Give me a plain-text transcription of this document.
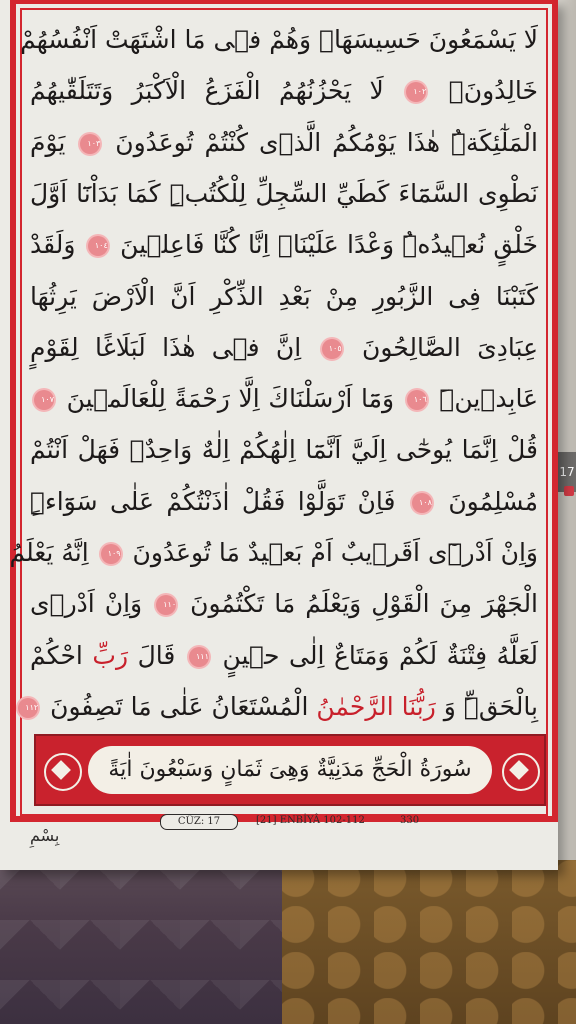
17
لَا يَسْمَعُونَ حَسِيسَهَاۚ وَهُمْ فٖى مَا اشْتَهَتْ اَنْفُسُهُمْ
خَالِدُونَۚ ١٠٢ لَا يَحْزُنُهُمُ الْفَزَعُ الْاَكْبَرُ وَتَتَلَقّٰيهُمُ
الْمَلٰٓئِكَةُۜ هٰذَا يَوْمُكُمُ الَّذٖى كُنْتُمْ تُوعَدُونَ ١٠٣ يَوْمَ
نَطْوِى السَّمَٓاءَ كَطَيِّ السِّجِلِّ لِلْكُتُبِۜ كَمَا بَدَاْنَٓا اَوَّلَ
خَلْقٍ نُعٖيدُهُۜ وَعْدًا عَلَيْنَاۜ اِنَّا كُنَّا فَاعِلٖينَ ١٠٤ وَلَقَدْ
كَتَبْنَا فِى الزَّبُورِ مِنْ بَعْدِ الذِّكْرِ اَنَّ الْاَرْضَ يَرِثُهَا
عِبَادِىَ الصَّالِحُونَ ١٠٥ اِنَّ فٖى هٰذَا لَبَلَاغًا لِقَوْمٍ
عَابِدٖينَۜ ١٠٦ وَمَٓا اَرْسَلْنَاكَ اِلَّا رَحْمَةً لِلْعَالَمٖينَ ١٠٧
قُلْ اِنَّمَا يُوحٰٓى اِلَيَّ اَنَّمَٓا اِلٰهُكُمْ اِلٰهٌ وَاحِدٌۚ فَهَلْ اَنْتُمْ
مُسْلِمُونَ ١٠٨ فَاِنْ تَوَلَّوْا فَقُلْ اٰذَنْتُكُمْ عَلٰى سَوَٓاءٍۜ
وَاِنْ اَدْرٖٓى اَقَرٖيبٌ اَمْ بَعٖيدٌ مَا تُوعَدُونَ ١٠٩ اِنَّهُ يَعْلَمُ
الْجَهْرَ مِنَ الْقَوْلِ وَيَعْلَمُ مَا تَكْتُمُونَ ١١٠ وَاِنْ اَدْرٖى
لَعَلَّهُ فِتْنَةٌ لَكُمْ وَمَتَاعٌ اِلٰى حٖينٍ ١١١ قَالَ رَبِّ احْكُمْ
بِالْحَقِّۜ وَ رَبُّنَا الرَّحْمٰنُ الْمُسْتَعَانُ عَلٰى مَا تَصِفُونَ ١١٢
سُورَةُ الْحَجِّ مَدَنِيَّةٌ وَهِىَ ثَمَانٍ وَسَبْعُونَ اٰيَةً
CÜZ: 17	[21] ENBİYÂ 102-112	330
بِسْمِ
